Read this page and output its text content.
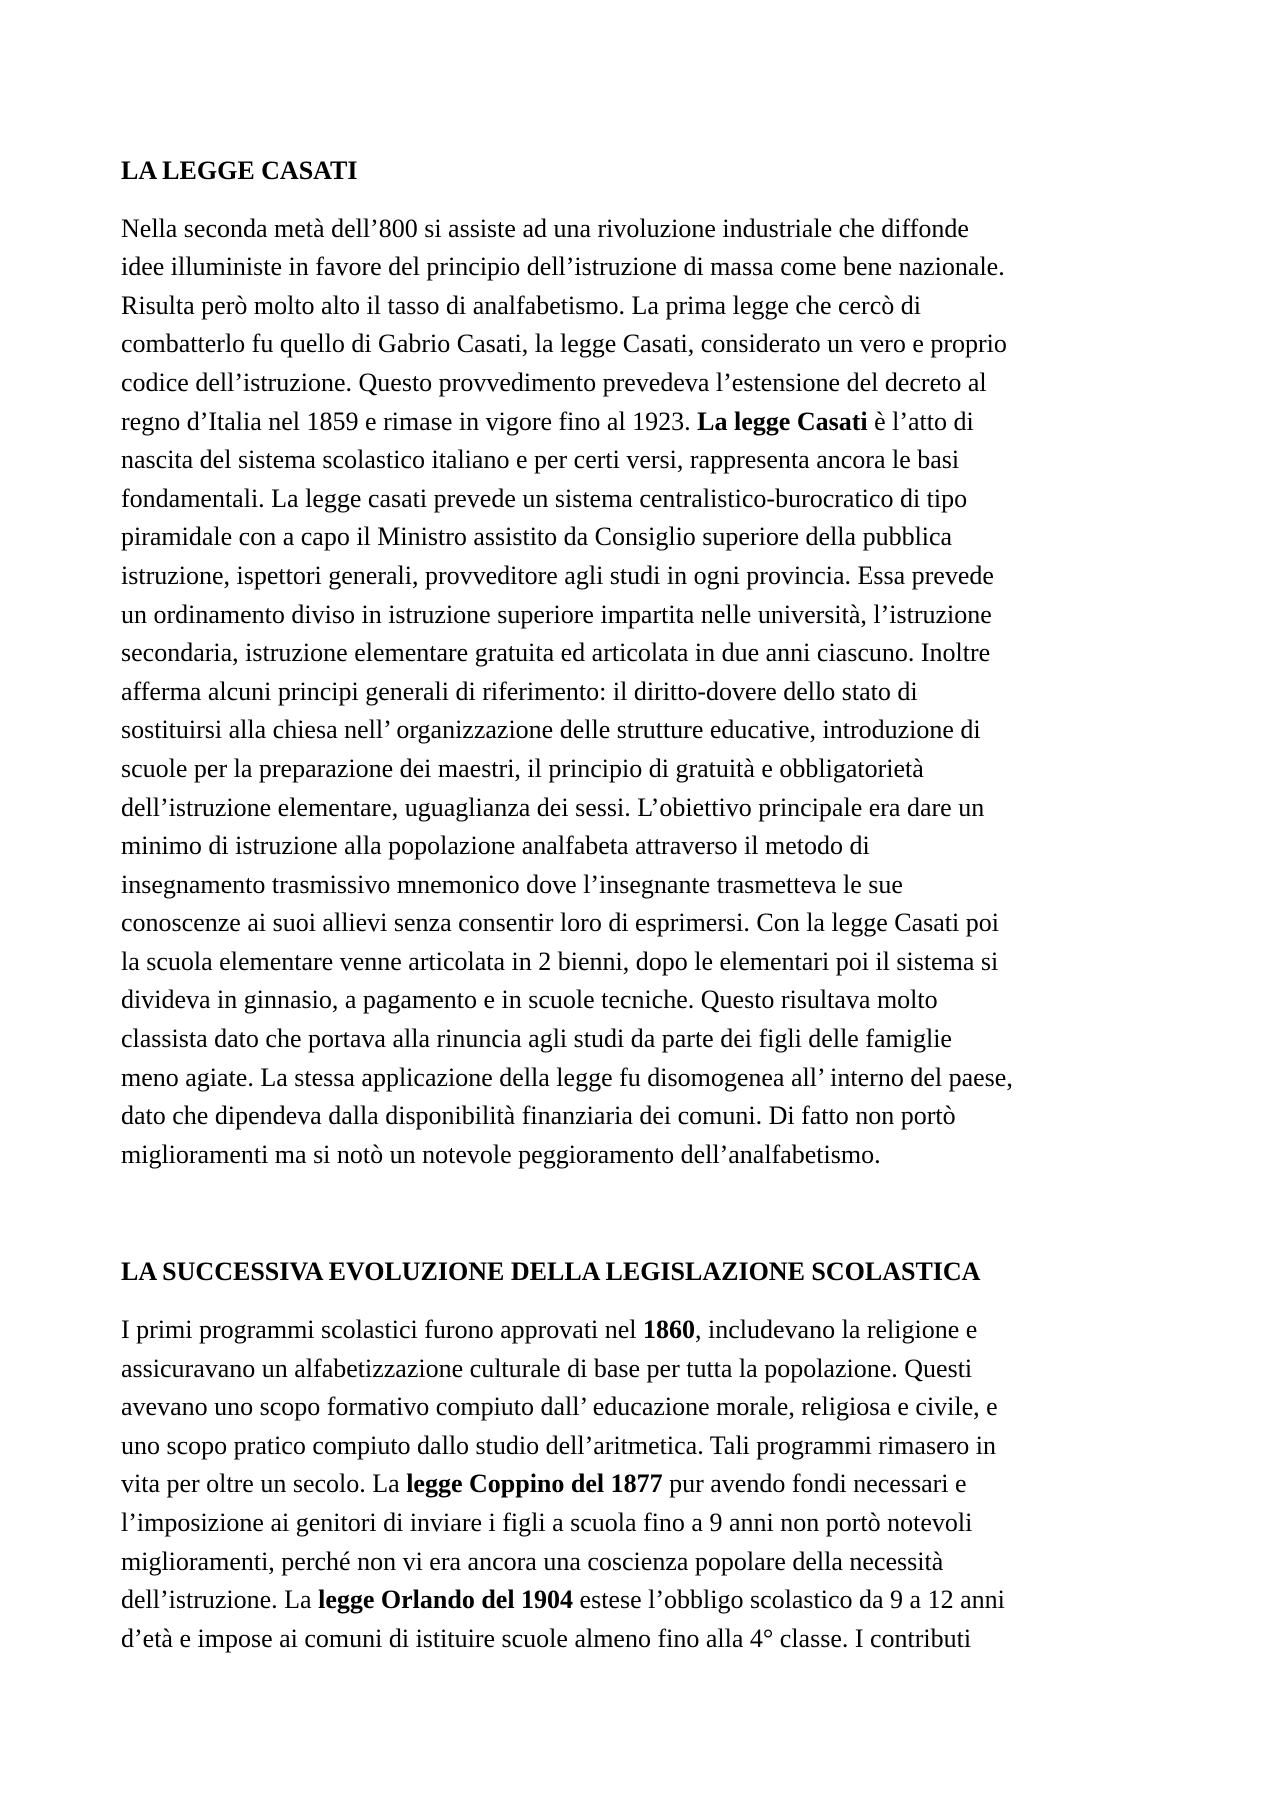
LA LEGGE CASATI

Nella seconda metà dell’800 si assiste ad una rivoluzione industriale che diffonde
idee illuministe in favore del principio dell’istruzione di massa come bene nazionale.
Risulta però molto alto il tasso di analfabetismo. La prima legge che cercò di
combatterlo fu quello di Gabrio Casati, la legge Casati, considerato un vero e proprio
codice dell’istruzione. Questo provvedimento prevedeva l’estensione del decreto al
regno d’Italia nel 1859 e rimase in vigore fino al 1923. La legge Casati è l’atto di
nascita del sistema scolastico italiano e per certi versi, rappresenta ancora le basi
fondamentali. La legge casati prevede un sistema centralistico-burocratico di tipo
piramidale con a capo il Ministro assistito da Consiglio superiore della pubblica
istruzione, ispettori generali, provveditore agli studi in ogni provincia. Essa prevede
un ordinamento diviso in istruzione superiore impartita nelle università, l’istruzione
secondaria, istruzione elementare gratuita ed articolata in due anni ciascuno. Inoltre
afferma alcuni principi generali di riferimento: il diritto-dovere dello stato di
sostituirsi alla chiesa nell’ organizzazione delle strutture educative, introduzione di
scuole per la preparazione dei maestri, il principio di gratuità e obbligatorietà
dell’istruzione elementare, uguaglianza dei sessi. L’obiettivo principale era dare un
minimo di istruzione alla popolazione analfabeta attraverso il metodo di
insegnamento trasmissivo mnemonico dove l’insegnante trasmetteva le sue
conoscenze ai suoi allievi senza consentir loro di esprimersi. Con la legge Casati poi
la scuola elementare venne articolata in 2 bienni, dopo le elementari poi il sistema si
divideva in ginnasio, a pagamento e in scuole tecniche. Questo risultava molto
classista dato che portava alla rinuncia agli studi da parte dei figli delle famiglie
meno agiate. La stessa applicazione della legge fu disomogenea all’ interno del paese,
dato che dipendeva dalla disponibilità finanziaria dei comuni. Di fatto non portò
miglioramenti ma si notò un notevole peggioramento dell’analfabetismo.

LA SUCCESSIVA EVOLUZIONE DELLA LEGISLAZIONE SCOLASTICA

I primi programmi scolastici furono approvati nel 1860, includevano la religione e
assicuravano un alfabetizzazione culturale di base per tutta la popolazione. Questi
avevano uno scopo formativo compiuto dall’ educazione morale, religiosa e civile, e
uno scopo pratico compiuto dallo studio dell’aritmetica. Tali programmi rimasero in
vita per oltre un secolo. La legge Coppino del 1877 pur avendo fondi necessari e
l’imposizione ai genitori di inviare i figli a scuola fino a 9 anni non portò notevoli
miglioramenti, perché non vi era ancora una coscienza popolare della necessità
dell’istruzione. La legge Orlando del 1904 estese l’obbligo scolastico da 9 a 12 anni
d’età e impose ai comuni di istituire scuole almeno fino alla 4° classe. I contributi
